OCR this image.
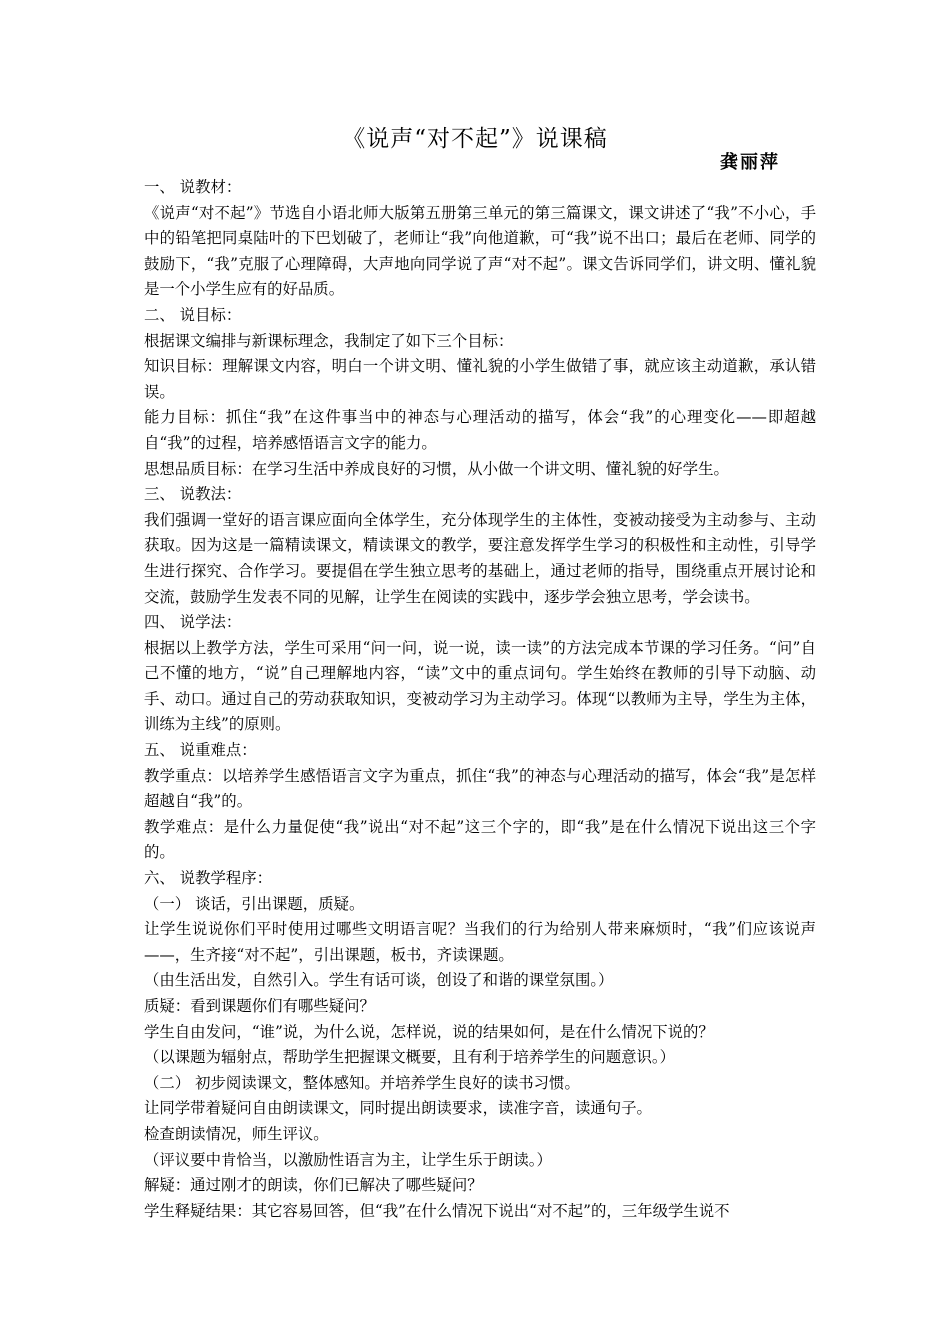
《说声“对不起”》说课稿
龚丽萍

一、 说教材：

《说声“对不起”》节选自小语北师大版第五册第三单元的第三篇课文，课文讲述了“我”不小心，手中的铅笔把同桌陆叶的下巴划破了，老师让“我”向他道歉，可“我”说不出口；最后在老师、同学的鼓励下，“我”克服了心理障碍，大声地向同学说了声“对不起”。课文告诉同学们，讲文明、懂礼貌是一个小学生应有的好品质。

二、 说目标：

根据课文编排与新课标理念，我制定了如下三个目标：

知识目标：理解课文内容，明白一个讲文明、懂礼貌的小学生做错了事，就应该主动道歉，承认错误。

能力目标：抓住“我”在这件事当中的神态与心理活动的描写，体会“我”的心理变化——即超越自“我”的过程，培养感悟语言文字的能力。

思想品质目标：在学习生活中养成良好的习惯，从小做一个讲文明、懂礼貌的好学生。

三、 说教法：

我们强调一堂好的语言课应面向全体学生，充分体现学生的主体性，变被动接受为主动参与、主动获取。因为这是一篇精读课文，精读课文的教学，要注意发挥学生学习的积极性和主动性，引导学生进行探究、合作学习。要提倡在学生独立思考的基础上，通过老师的指导，围绕重点开展讨论和交流，鼓励学生发表不同的见解，让学生在阅读的实践中，逐步学会独立思考，学会读书。

四、 说学法：

根据以上教学方法，学生可采用“问一问，说一说，读一读”的方法完成本节课的学习任务。“问”自己不懂的地方，“说”自己理解地内容，“读”文中的重点词句。学生始终在教师的引导下动脑、动手、动口。通过自己的劳动获取知识，变被动学习为主动学习。体现“以教师为主导，学生为主体，训练为主线”的原则。

五、 说重难点：

教学重点：以培养学生感悟语言文字为重点，抓住“我”的神态与心理活动的描写，体会“我”是怎样超越自“我”的。

教学难点：是什么力量促使“我”说出“对不起”这三个字的，即“我”是在什么情况下说出这三个字的。

六、 说教学程序：

（一） 谈话，引出课题，质疑。

让学生说说你们平时使用过哪些文明语言呢？当我们的行为给别人带来麻烦时，“我”们应该说声——，生齐接“对不起”，引出课题，板书，齐读课题。

（由生活出发，自然引入。学生有话可谈，创设了和谐的课堂氛围。）

质疑：看到课题你们有哪些疑问？

学生自由发问，“谁”说，为什么说，怎样说，说的结果如何，是在什么情况下说的？

（以课题为辐射点，帮助学生把握课文概要，且有利于培养学生的问题意识。）

（二） 初步阅读课文，整体感知。并培养学生良好的读书习惯。

让同学带着疑问自由朗读课文，同时提出朗读要求，读准字音，读通句子。

检查朗读情况，师生评议。

（评议要中肯恰当，以激励性语言为主，让学生乐于朗读。）

解疑：通过刚才的朗读，你们已解决了哪些疑问？

学生释疑结果：其它容易回答，但“我”在什么情况下说出“对不起”的，三年级学生说不
